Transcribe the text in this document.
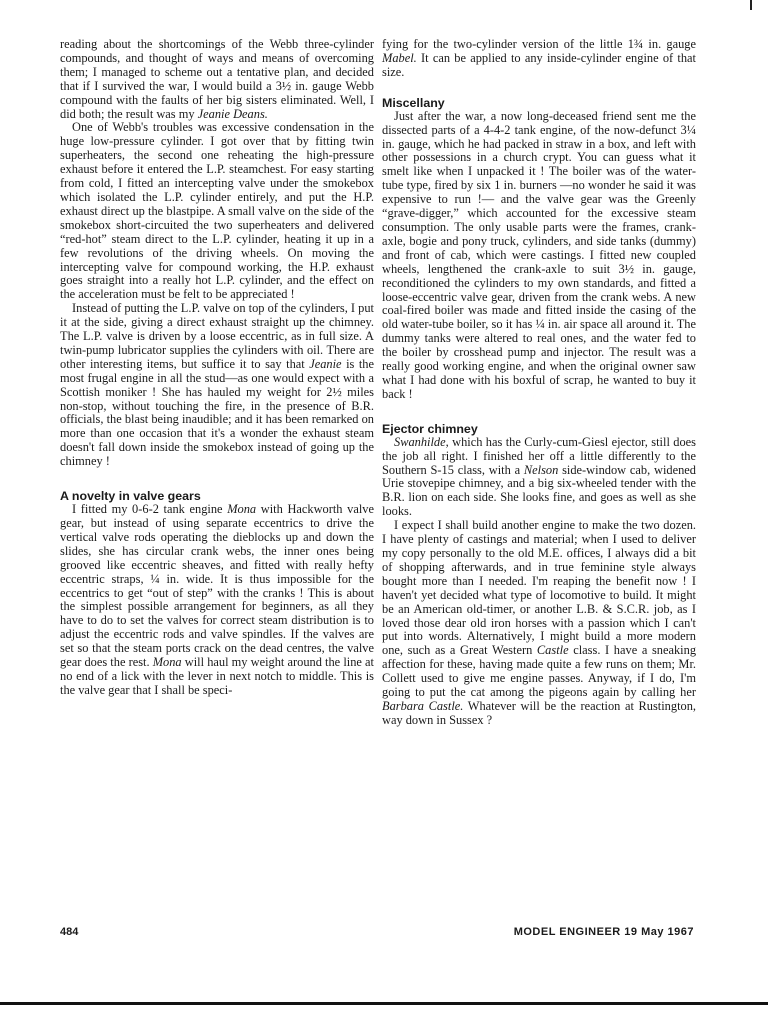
reading about the shortcomings of the Webb three-cylinder compounds, and thought of ways and means of overcoming them; I managed to scheme out a tentative plan, and decided that if I survived the war, I would build a 3½ in. gauge Webb compound with the faults of her big sisters eliminated. Well, I did both; the result was my Jeanie Deans.

One of Webb's troubles was excessive condensation in the huge low-pressure cylinder. I got over that by fitting twin superheaters, the second one reheating the high-pressure exhaust before it entered the L.P. steamchest. For easy starting from cold, I fitted an intercepting valve under the smokebox which isolated the L.P. cylinder entirely, and put the H.P. exhaust direct up the blastpipe. A small valve on the side of the smokebox short-circuited the two superheaters and delivered “red-hot” steam direct to the L.P. cylinder, heating it up in a few revolutions of the driving wheels. On moving the intercepting valve for compound working, the H.P. exhaust goes straight into a really hot L.P. cylinder, and the effect on the acceleration must be felt to be appreciated !

Instead of putting the L.P. valve on top of the cylinders, I put it at the side, giving a direct exhaust straight up the chimney. The L.P. valve is driven by a loose eccentric, as in full size. A twin-pump lubricator supplies the cylinders with oil. There are other interesting items, but suffice it to say that Jeanie is the most frugal engine in all the stud—as one would expect with a Scottish moniker ! She has hauled my weight for 2½ miles non-stop, without touching the fire, in the presence of B.R. officials, the blast being inaudible; and it has been remarked on more than one occasion that it's a wonder the exhaust steam doesn't fall down inside the smokebox instead of going up the chimney !

A novelty in valve gears

I fitted my 0-6-2 tank engine Mona with Hackworth valve gear, but instead of using separate eccentrics to drive the vertical valve rods operating the dieblocks up and down the slides, she has circular crank webs, the inner ones being grooved like eccentric sheaves, and fitted with really hefty eccentric straps, ¼ in. wide. It is thus impossible for the eccentrics to get “out of step” with the cranks ! This is about the simplest possible arrangement for beginners, as all they have to do to set the valves for correct steam distribution is to adjust the eccentric rods and valve spindles. If the valves are set so that the steam ports crack on the dead centres, the valve gear does the rest. Mona will haul my weight around the line at no end of a lick with the lever in next notch to middle. This is the valve gear that I shall be speci-

fying for the two-cylinder version of the little 1¾ in. gauge Mabel. It can be applied to any inside-cylinder engine of that size.

Miscellany

Just after the war, a now long-deceased friend sent me the dissected parts of a 4-4-2 tank engine, of the now-defunct 3¼ in. gauge, which he had packed in straw in a box, and left with other possessions in a church crypt. You can guess what it smelt like when I unpacked it ! The boiler was of the water-tube type, fired by six 1 in. burners —no wonder he said it was expensive to run !— and the valve gear was the Greenly “grave-digger,” which accounted for the excessive steam consumption. The only usable parts were the frames, crank-axle, bogie and pony truck, cylinders, and side tanks (dummy) and front of cab, which were castings. I fitted new coupled wheels, lengthened the crank-axle to suit 3½ in. gauge, reconditioned the cylinders to my own standards, and fitted a loose-eccentric valve gear, driven from the crank webs. A new coal-fired boiler was made and fitted inside the casing of the old water-tube boiler, so it has ¼ in. air space all around it. The dummy tanks were altered to real ones, and the water fed to the boiler by crosshead pump and injector. The result was a really good working engine, and when the original owner saw what I had done with his boxful of scrap, he wanted to buy it back !

Ejector chimney

Swanhilde, which has the Curly-cum-Giesl ejector, still does the job all right. I finished her off a little differently to the Southern S-15 class, with a Nelson side-window cab, widened Urie stovepipe chimney, and a big six-wheeled tender with the B.R. lion on each side. She looks fine, and goes as well as she looks.

I expect I shall build another engine to make the two dozen. I have plenty of castings and material; when I used to deliver my copy personally to the old M.E. offices, I always did a bit of shopping afterwards, and in true feminine style always bought more than I needed. I'm reaping the benefit now ! I haven't yet decided what type of locomotive to build. It might be an American old-timer, or another L.B. & S.C.R. job, as I loved those dear old iron horses with a passion which I can't put into words. Alternatively, I might build a more modern one, such as a Great Western Castle class. I have a sneaking affection for these, having made quite a few runs on them; Mr. Collett used to give me engine passes. Anyway, if I do, I'm going to put the cat among the pigeons again by calling her Barbara Castle. Whatever will be the reaction at Rustington, way down in Sussex ?

484	MODEL ENGINEER 19 May 1967
